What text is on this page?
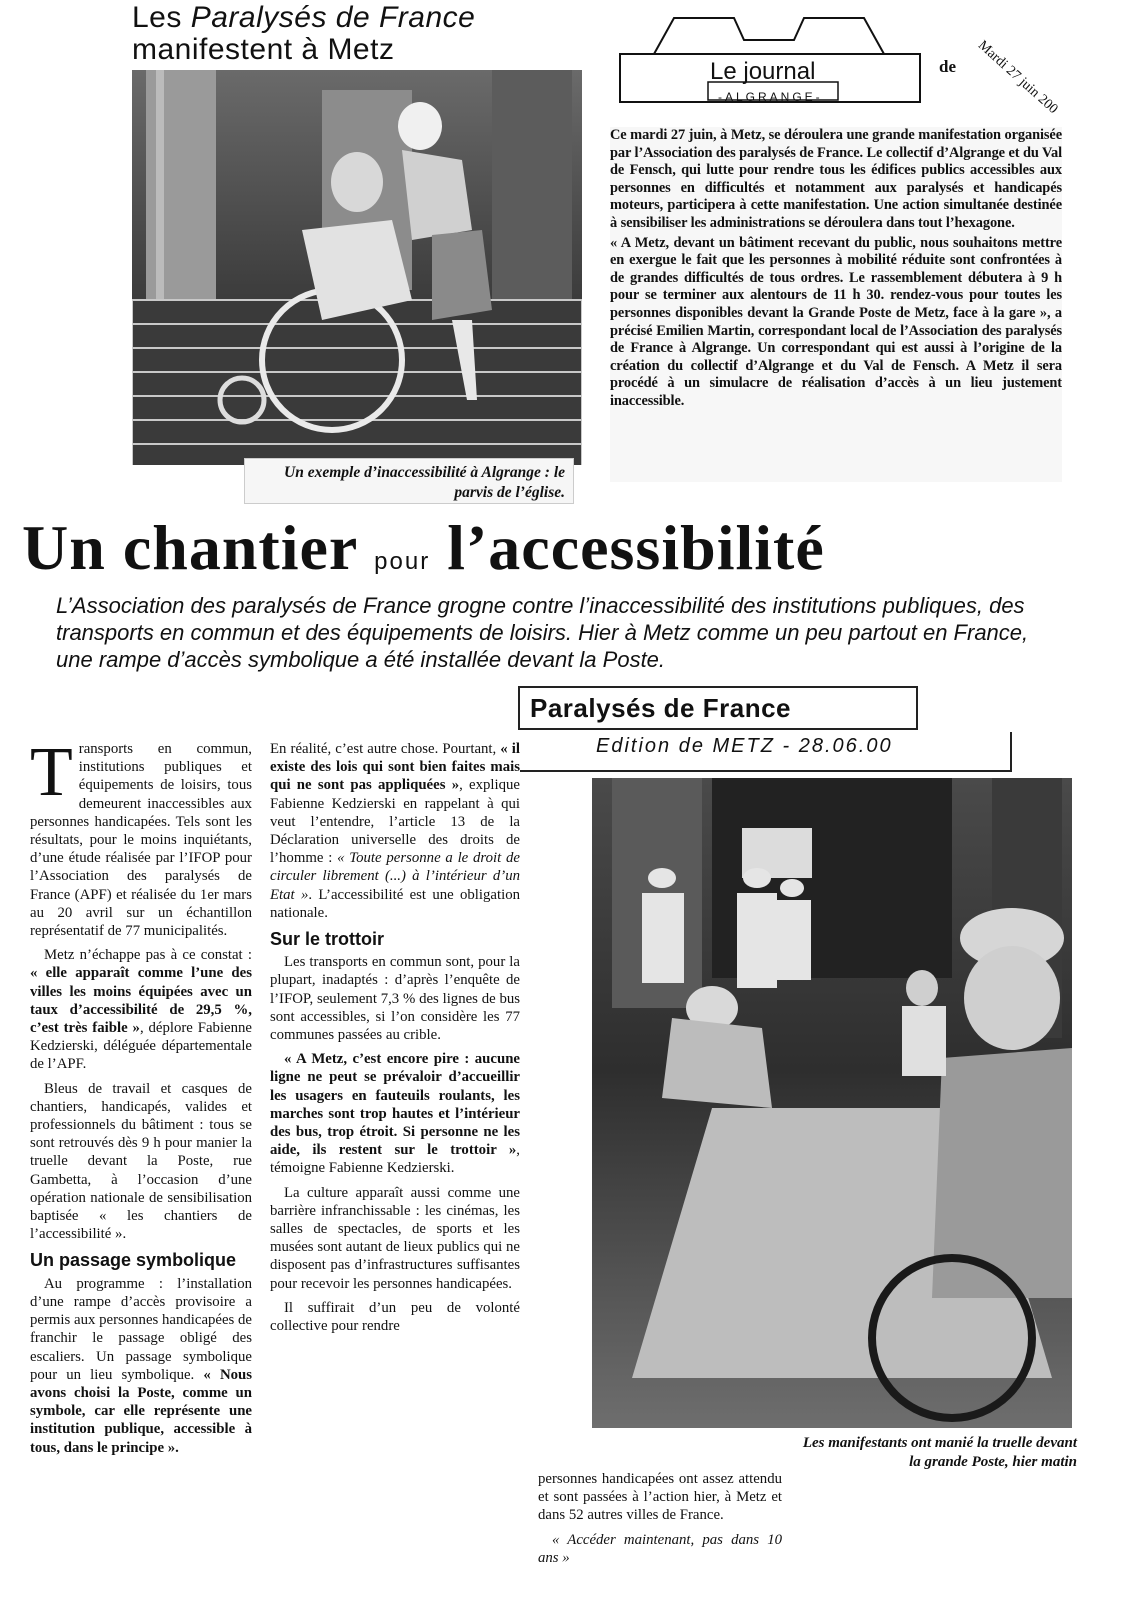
Les Paralysés de France
manifestent à Metz
Un exemple d’inaccessibilité à Algrange : le parvis de l’église.
Mardi 27 juin 200
Le journal	de
-ALGRANGE-

Ce mardi 27 juin, à Metz, se déroulera une grande manifestation organisée par l’Association des paralysés de France. Le collectif d’Algrange et du Val de Fensch, qui lutte pour rendre tous les édifices publics accessibles aux personnes en difficultés et notamment aux paralysés et handicapés moteurs, participera à cette manifestation. Une action simultanée destinée à sensibiliser les administrations se déroulera dans tout l’hexagone.

« A Metz, devant un bâtiment recevant du public, nous souhaitons mettre en exergue le fait que les personnes à mobilité réduite sont confrontées à de grandes difficultés de tous ordres. Le rassemblement débutera à 9 h pour se terminer aux alentours de 11 h 30. rendez-vous pour toutes les personnes disponibles devant la Grande Poste de Metz, face à la gare », a précisé Emilien Martin, correspondant local de l’Association des paralysés de France à Algrange. Un correspondant qui est aussi à l’origine de la création du collectif d’Algrange et du Val de Fensch. A Metz il sera procédé à un simulacre de réalisation d’accès à un lieu justement inaccessible.

Un chantier pour l’accessibilité
L’Association des paralysés de France grogne contre l’inaccessibilité des institutions publiques, des transports en commun et des équipements de loisirs. Hier à Metz comme un peu partout en France, une rampe d’accès symbolique a été installée devant la Poste.
Paralysés de France
Edition de METZ - 28.06.00

Transports en commun, institutions publiques et équipements de loisirs, tous demeurent inaccessibles aux personnes handicapées. Tels sont les résultats, pour le moins inquiétants, d’une étude réalisée par l’IFOP pour l’Association des paralysés de France (APF) et réalisée du 1er mars au 20 avril sur un échantillon représentatif de 77 municipalités.

Metz n’échappe pas à ce constat : « elle apparaît comme l’une des villes les moins équipées avec un taux d’accessibilité de 29,5 %, c’est très faible », déplore Fabienne Kedzierski, déléguée départementale de l’APF.

Bleus de travail et casques de chantiers, handicapés, valides et professionnels du bâtiment : tous se sont retrouvés dès 9 h pour manier la truelle devant la Poste, rue Gambetta, à l’occasion d’une opération nationale de sensibilisation baptisée « les chantiers de l’accessibilité ».

Un passage symbolique

Au programme : l’installation d’une rampe d’accès provisoire a permis aux personnes handicapées de franchir le passage obligé des escaliers. Un passage symbolique pour un lieu symbolique. « Nous avons choisi la Poste, comme un symbole, car elle représente une institution publique, accessible à tous, dans le principe ».

En réalité, c’est autre chose. Pourtant, « il existe des lois qui sont bien faites mais qui ne sont pas appliquées », explique Fabienne Kedzierski en rappelant à qui veut l’entendre, l’article 13 de la Déclaration universelle des droits de l’homme : « Toute personne a le droit de circuler librement (...) à l’intérieur d’un Etat ». L’accessibilité est une obligation nationale.

Sur le trottoir

Les transports en commun sont, pour la plupart, inadaptés : d’après l’enquête de l’IFOP, seulement 7,3 % des lignes de bus sont accessibles, si l’on considère les 77 communes passées au crible.

« A Metz, c’est encore pire : aucune ligne ne peut se prévaloir d’accueillir les usagers en fauteuils roulants, les marches sont trop hautes et l’intérieur des bus, trop étroit. Si personne ne les aide, ils restent sur le trottoir », témoigne Fabienne Kedzierski.

La culture apparaît aussi comme une barrière infranchissable : les cinémas, les salles de spectacles, de sports et les musées sont autant de lieux publics qui ne disposent pas d’infrastructures suffisantes pour recevoir les personnes handicapées.

Il suffirait d’un peu de volonté collective pour rendre

Les manifestants ont manié la truelle devant la grande Poste, hier matin

personnes handicapées ont assez attendu et sont passées à l’action hier, à Metz et dans 52 autres villes de France.

« Accéder maintenant, pas dans 10 ans »
